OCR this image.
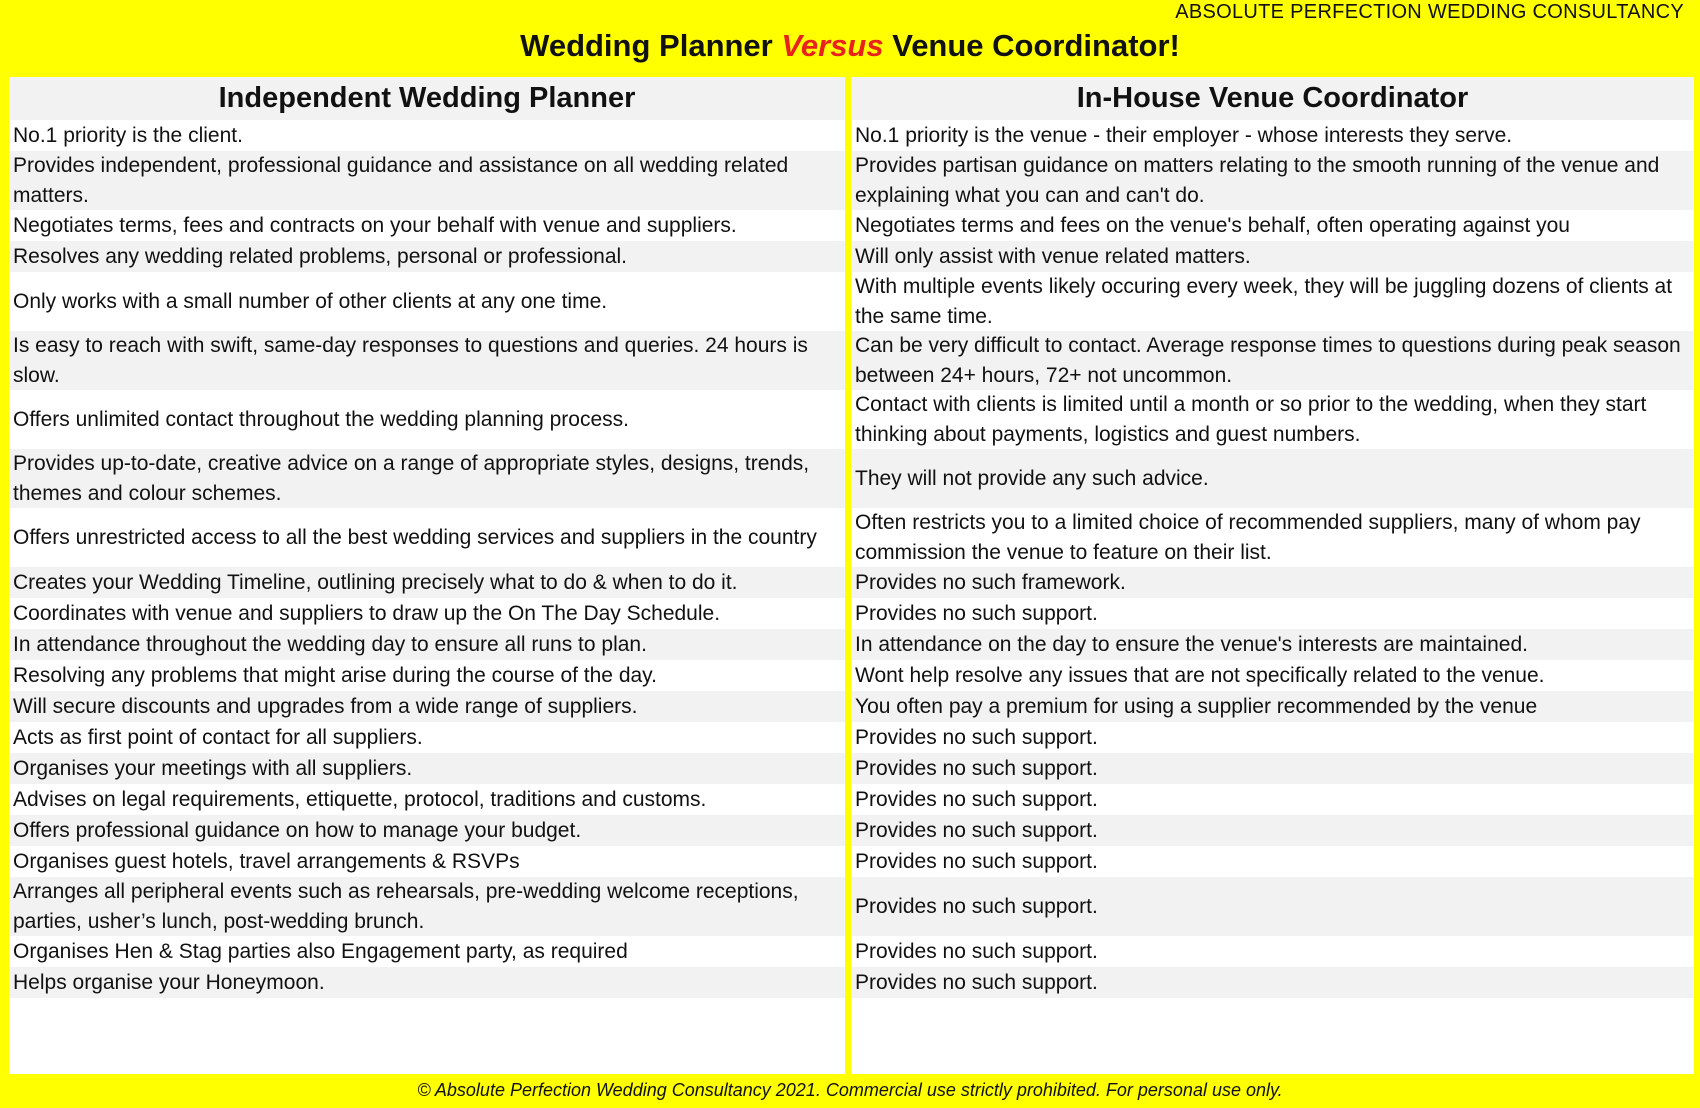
ABSOLUTE PERFECTION WEDDING CONSULTANCY
Wedding Planner Versus Venue Coordinator!
Independent Wedding Planner
No.1 priority is the client.
Provides independent, professional guidance and assistance on all wedding related matters.
Negotiates terms, fees and contracts on your behalf with venue and suppliers.
Resolves any wedding related problems, personal or professional.
Only works with a small number of other clients at any one time.
Is easy to reach with swift, same-day responses to questions and queries. 24 hours is slow.
Offers unlimited contact throughout the wedding planning process.
Provides up-to-date, creative advice on a range of appropriate styles, designs, trends, themes and colour schemes.
Offers unrestricted access to all the best wedding services and suppliers in the country
Creates your Wedding Timeline, outlining precisely what to do & when to do it.
Coordinates with venue and suppliers to draw up the On The Day Schedule.
In attendance throughout the wedding day to ensure all runs to plan.
Resolving any problems that might arise during the course of the day.
Will secure discounts and upgrades from a wide range of suppliers.
Acts as first point of contact for all suppliers.
Organises your meetings with all suppliers.
Advises on legal requirements, ettiquette, protocol, traditions and customs.
Offers professional guidance on how to manage your budget.
Organises guest hotels, travel arrangements & RSVPs
Arranges all peripheral events such as rehearsals, pre-wedding welcome receptions, parties, usher’s lunch, post-wedding brunch.
Organises Hen & Stag parties also Engagement party, as required
Helps organise your Honeymoon.
In-House Venue Coordinator
No.1 priority is the venue - their employer - whose interests they serve.
Provides partisan guidance on matters relating to the smooth running of the venue and explaining what you can and can't do.
Negotiates terms and fees on the venue's behalf, often operating against you
Will only assist with venue related matters.
With multiple events likely occuring every week, they will be juggling dozens of clients at the same time.
Can be very difficult to contact. Average response times to questions during peak season between 24+ hours, 72+ not uncommon.
Contact with clients is limited until a month or so prior to the wedding, when they start thinking about payments, logistics and guest numbers.
They will not provide any such advice.
Often restricts you to a limited choice of recommended suppliers, many of whom pay commission the venue to feature on their list.
Provides no such framework.
Provides no such support.
In attendance on the day to ensure the venue's interests are maintained.
Wont help resolve any issues that are not specifically related to the venue.
You often pay a premium for using a supplier recommended by the venue
Provides no such support.
Provides no such support.
Provides no such support.
Provides no such support.
Provides no such support.
Provides no such support.
Provides no such support.
Provides no such support.
© Absolute Perfection Wedding Consultancy 2021. Commercial use strictly prohibited. For personal use only.
